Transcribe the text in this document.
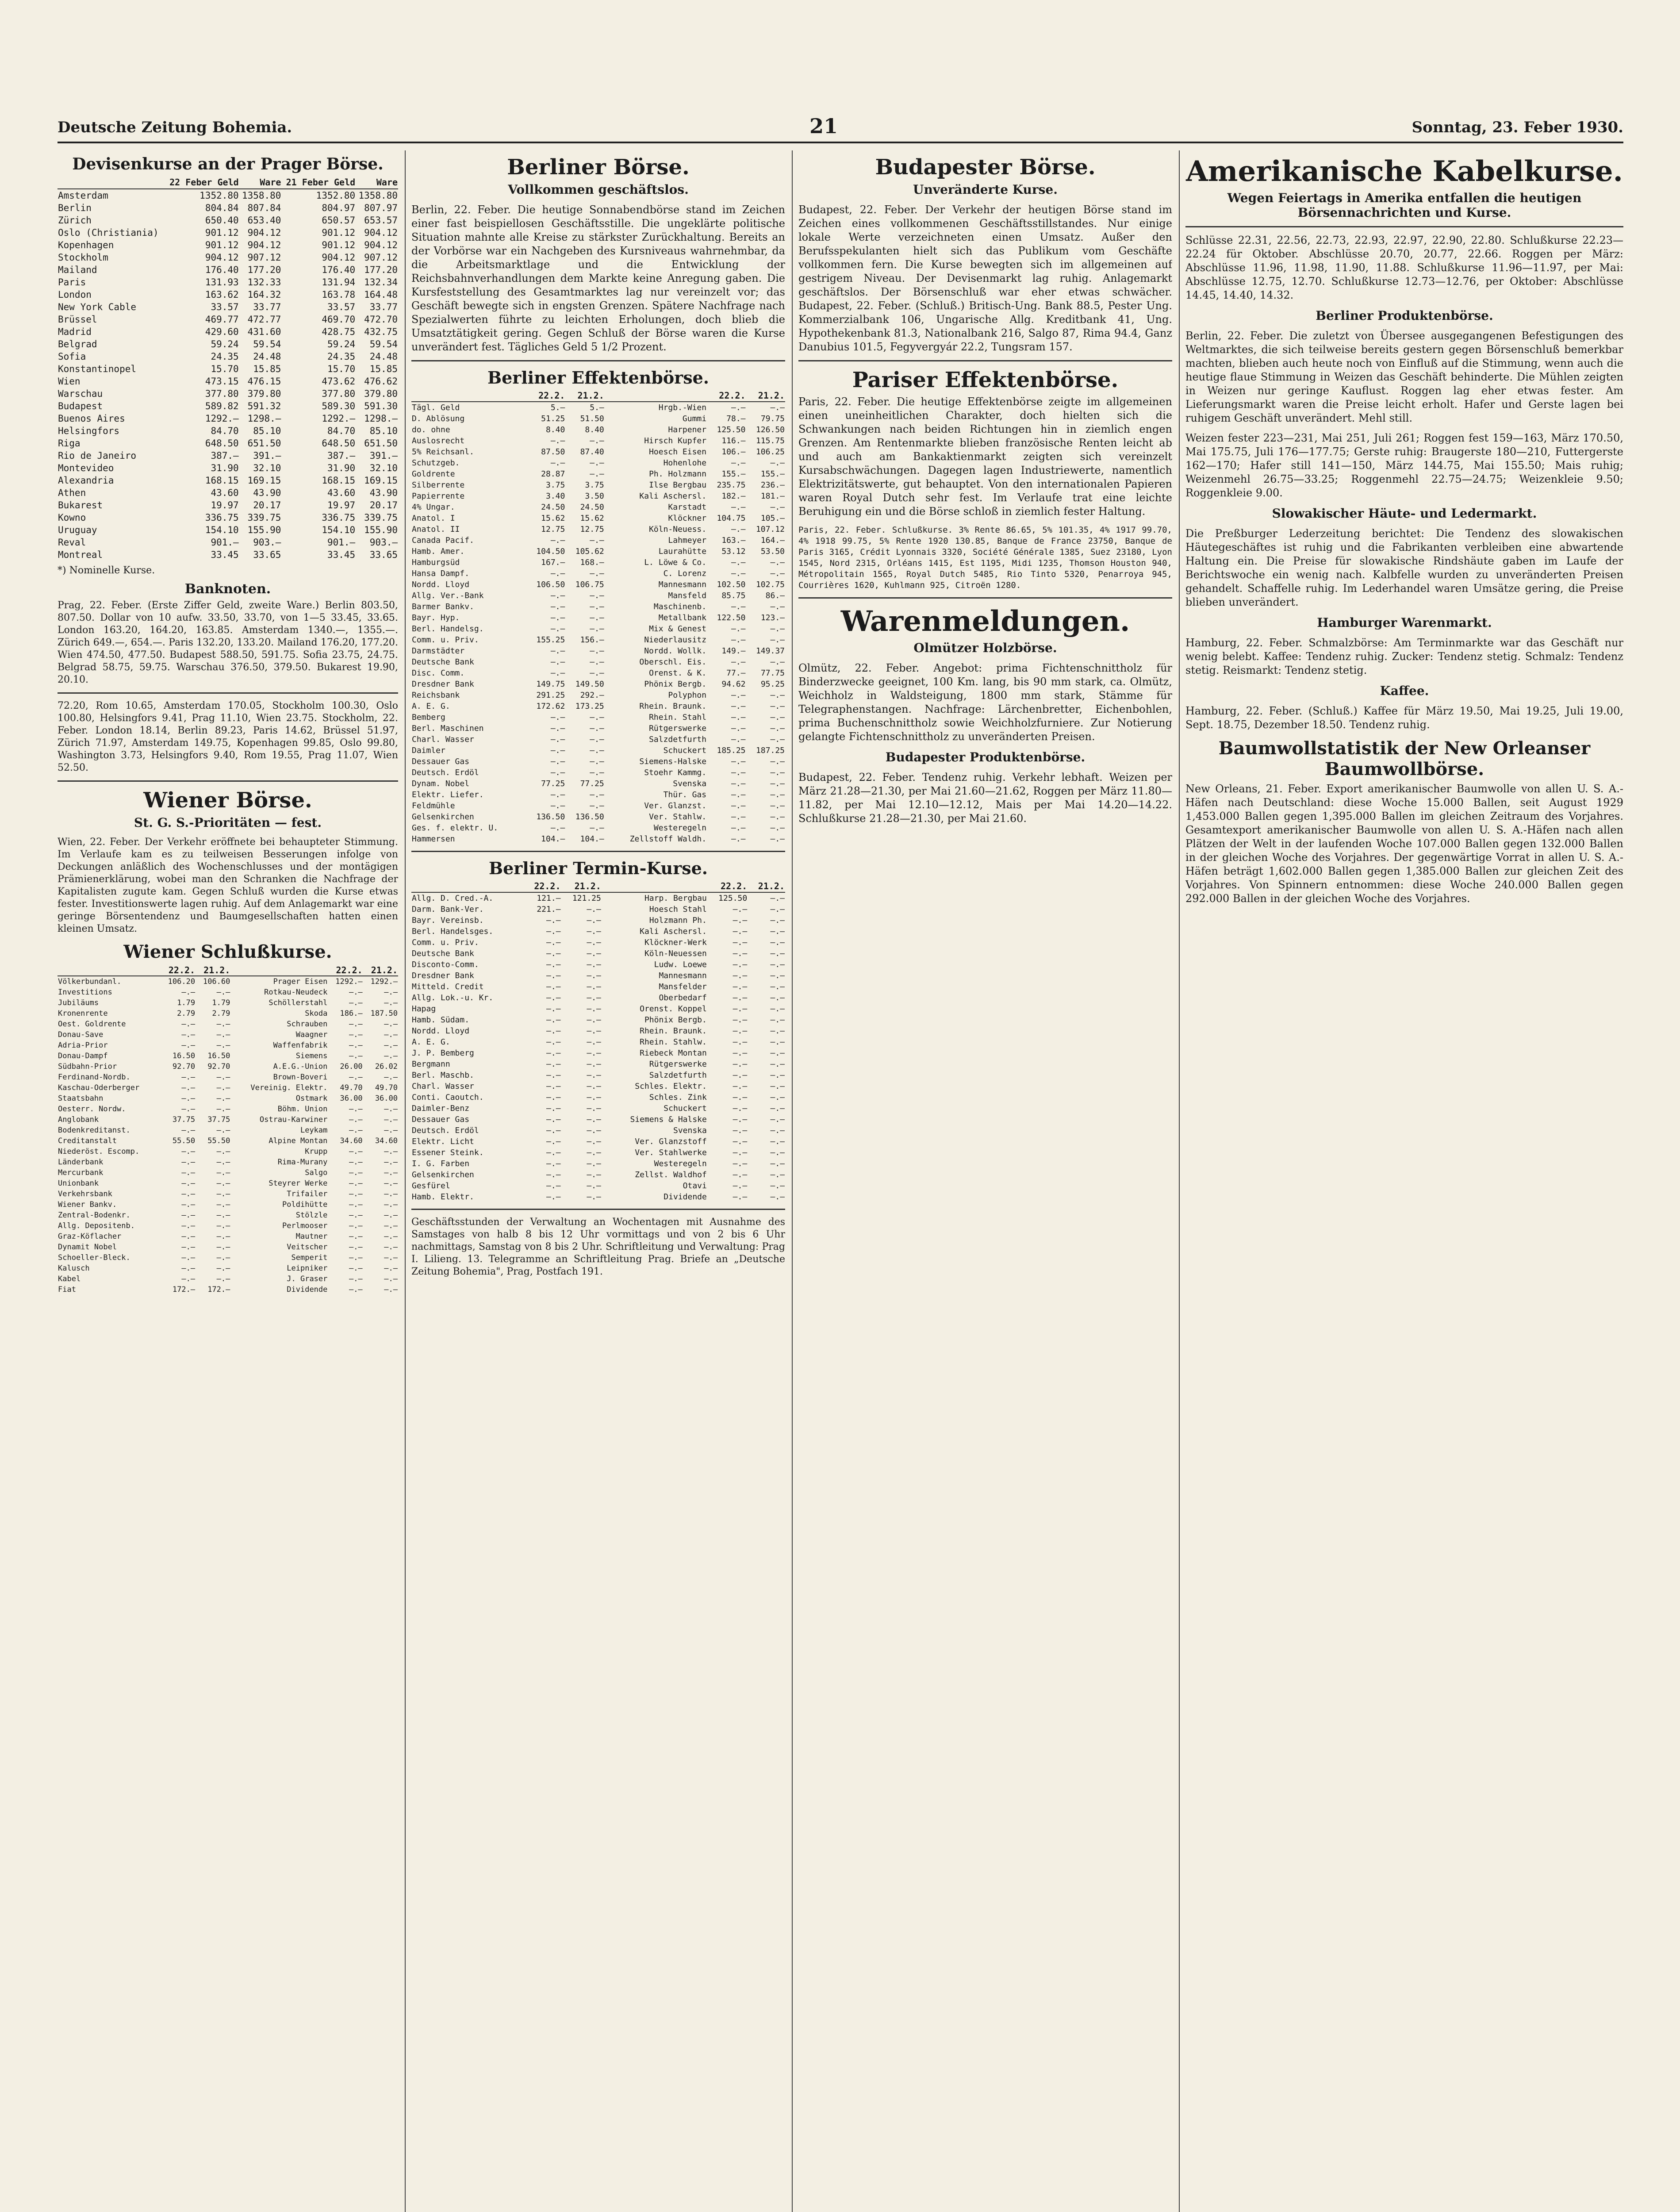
Deutsche Zeitung Bohemia.	21	Sonntag, 23. Feber 1930.
Devisenkurse an der Prager Börse.
	22 Feber Geld	Ware	21 Feber Geld	Ware
Amsterdam	1352.80	1358.80	1352.80	1358.80
Berlin	804.84	807.84	804.97	807.97
Zürich	650.40	653.40	650.57	653.57
Oslo (Christiania)	901.12	904.12	901.12	904.12
Kopenhagen	901.12	904.12	901.12	904.12
Stockholm	904.12	907.12	904.12	907.12
Mailand	176.40	177.20	176.40	177.20
Paris	131.93	132.33	131.94	132.34
London	163.62	164.32	163.78	164.48
New York Cable	33.57	33.77	33.57	33.77
Brüssel	469.77	472.77	469.70	472.70
Madrid	429.60	431.60	428.75	432.75
Belgrad	59.24	59.54	59.24	59.54
Sofia	24.35	24.48	24.35	24.48
Konstantinopel	15.70	15.85	15.70	15.85
Wien	473.15	476.15	473.62	476.62
Warschau	377.80	379.80	377.80	379.80
Budapest	589.82	591.32	589.30	591.30
Buenos Aires	1292.—	1298.—	1292.—	1298.—
Helsingfors	84.70	85.10	84.70	85.10
Riga	648.50	651.50	648.50	651.50
Rio de Janeiro	387.—	391.—	387.—	391.—
Montevideo	31.90	32.10	31.90	32.10
Alexandria	168.15	169.15	168.15	169.15
Athen	43.60	43.90	43.60	43.90
Bukarest	19.97	20.17	19.97	20.17
Kowno	336.75	339.75	336.75	339.75
Uruguay	154.10	155.90	154.10	155.90
Reval	901.—	903.—	901.—	903.—
Montreal	33.45	33.65	33.45	33.65
*) Nominelle Kurse.
Banknoten.
Prag, 22. Feber. (Erste Ziffer Geld, zweite Ware.) Berlin 803.50, 807.50. Dollar von 10 aufw. 33.50, 33.70, von 1—5 33.45, 33.65. London 163.20, 164.20, 163.85. Amsterdam 1340.—, 1355.—. Zürich 649.—, 654.—. Paris 132.20, 133.20. Mailand 176.20, 177.20. Wien 474.50, 477.50. Budapest 588.50, 591.75. Sofia 23.75, 24.75. Belgrad 58.75, 59.75. Warschau 376.50, 379.50. Bukarest 19.90, 20.10.
72.20, Rom 10.65, Amsterdam 170.05, Stockholm 100.30, Oslo 100.80, Helsingfors 9.41, Prag 11.10, Wien 23.75. Stockholm, 22. Feber. London 18.14, Berlin 89.23, Paris 14.62, Brüssel 51.97, Zürich 71.97, Amsterdam 149.75, Kopenhagen 99.85, Oslo 99.80, Washington 3.73, Helsingfors 9.40, Rom 19.55, Prag 11.07, Wien 52.50.
Wiener Börse.
St. G. S.-Prioritäten — fest.
Wien, 22. Feber. Der Verkehr eröffnete bei behaupteter Stimmung. Im Verlaufe kam es zu teilweisen Besserungen infolge von Deckungen anläßlich des Wochenschlusses und der montägigen Prämienerklärung, wobei man den Schranken die Nachfrage der Kapitalisten zugute kam. Gegen Schluß wurden die Kurse etwas fester. Investitionswerte lagen ruhig. Auf dem Anlagemarkt war eine geringe Börsentendenz und Baumgesellschaften hatten einen kleinen Umsatz.
Wiener Schlußkurse.
	22.2.	21.2.		22.2.	21.2.
Völkerbundanl.	106.20	106.60	Prager Eisen	1292.—	1292.—
Investitions	—.—	—.—	Rotkau-Neudeck	—.—	—.—
Jubiläums	1.79	1.79	Schöllerstahl	—.—	—.—
Kronenrente	2.79	2.79	Skoda	186.—	187.50
Oest. Goldrente	—.—	—.—	Schrauben	—.—	—.—
Donau-Save	—.—	—.—	Waagner	—.—	—.—
Adria-Prior	—.—	—.—	Waffenfabrik	—.—	—.—
Donau-Dampf	16.50	16.50	Siemens	—.—	—.—
Südbahn-Prior	92.70	92.70	A.E.G.-Union	26.00	26.02
Ferdinand-Nordb.	—.—	—.—	Brown-Boveri	—.—	—.—
Kaschau-Oderberger	—.—	—.—	Vereinig. Elektr.	49.70	49.70
Staatsbahn	—.—	—.—	Ostmark	36.00	36.00
Oesterr. Nordw.	—.—	—.—	Böhm. Union	—.—	—.—
Anglobank	37.75	37.75	Ostrau-Karwiner	—.—	—.—
Bodenkreditanst.	—.—	—.—	Leykam	—.—	—.—
Creditanstalt	55.50	55.50	Alpine Montan	34.60	34.60
Niederöst. Escomp.	—.—	—.—	Krupp	—.—	—.—
Länderbank	—.—	—.—	Rima-Murany	—.—	—.—
Mercurbank	—.—	—.—	Salgo	—.—	—.—
Unionbank	—.—	—.—	Steyrer Werke	—.—	—.—
Verkehrsbank	—.—	—.—	Trifailer	—.—	—.—
Wiener Bankv.	—.—	—.—	Poldihütte	—.—	—.—
Zentral-Bodenkr.	—.—	—.—	Stölzle	—.—	—.—
Allg. Depositenb.	—.—	—.—	Perlmooser	—.—	—.—
Graz-Köflacher	—.—	—.—	Mautner	—.—	—.—
Dynamit Nobel	—.—	—.—	Veitscher	—.—	—.—
Schoeller-Bleck.	—.—	—.—	Semperit	—.—	—.—
Kalusch	—.—	—.—	Leipniker	—.—	—.—
Kabel	—.—	—.—	J. Graser	—.—	—.—
Fiat	172.—	172.—	Dividende	—.—	—.—
Berliner Börse.
Vollkommen geschäftslos.
Berlin, 22. Feber. Die heutige Sonnabendbörse stand im Zeichen einer fast beispiellosen Geschäftsstille. Die ungeklärte politische Situation mahnte alle Kreise zu stärkster Zurückhaltung. Bereits an der Vorbörse war ein Nachgeben des Kursniveaus wahrnehmbar, da die Arbeitsmarktlage und die Entwicklung der Reichsbahnverhandlungen dem Markte keine Anregung gaben. Die Kursfeststellung des Gesamtmarktes lag nur vereinzelt vor; das Geschäft bewegte sich in engsten Grenzen. Spätere Nachfrage nach Spezialwerten führte zu leichten Erholungen, doch blieb die Umsatztätigkeit gering. Gegen Schluß der Börse waren die Kurse unverändert fest. Tägliches Geld 5 1/2 Prozent.
Berliner Effektenbörse.
	22.2.	21.2.		22.2.	21.2.
Tägl. Geld	5.—	5.—	Hrgb.-Wien	—.—	—.—
D. Ablösung	51.25	51.50	Gummi	78.—	79.75
do. ohne	8.40	8.40	Harpener	125.50	126.50
Auslosrecht	—.—	—.—	Hirsch Kupfer	116.—	115.75
5% Reichsanl.	87.50	87.40	Hoesch Eisen	106.—	106.25
Schutzgeb.	—.—	—.—	Hohenlohe	—.—	—.—
Goldrente	28.87	—.—	Ph. Holzmann	155.—	155.—
Silberrente	3.75	3.75	Ilse Bergbau	235.75	236.—
Papierrente	3.40	3.50	Kali Aschersl.	182.—	181.—
4% Ungar.	24.50	24.50	Karstadt	—.—	—.—
Anatol. I	15.62	15.62	Klöckner	104.75	105.—
Anatol. II	12.75	12.75	Köln-Neuess.	—.—	107.12
Canada Pacif.	—.—	—.—	Lahmeyer	163.—	164.—
Hamb. Amer.	104.50	105.62	Laurahütte	53.12	53.50
Hamburgsüd	167.—	168.—	L. Löwe & Co.	—.—	—.—
Hansa Dampf.	—.—	—.—	C. Lorenz	—.—	—.—
Nordd. Lloyd	106.50	106.75	Mannesmann	102.50	102.75
Allg. Ver.-Bank	—.—	—.—	Mansfeld	85.75	86.—
Barmer Bankv.	—.—	—.—	Maschinenb.	—.—	—.—
Bayr. Hyp.	—.—	—.—	Metallbank	122.50	123.—
Berl. Handelsg.	—.—	—.—	Mix & Genest	—.—	—.—
Comm. u. Priv.	155.25	156.—	Niederlausitz	—.—	—.—
Darmstädter	—.—	—.—	Nordd. Wollk.	149.—	149.37
Deutsche Bank	—.—	—.—	Oberschl. Eis.	—.—	—.—
Disc. Comm.	—.—	—.—	Orenst. & K.	77.—	77.75
Dresdner Bank	149.75	149.50	Phönix Bergb.	94.62	95.25
Reichsbank	291.25	292.—	Polyphon	—.—	—.—
A. E. G.	172.62	173.25	Rhein. Braunk.	—.—	—.—
Bemberg	—.—	—.—	Rhein. Stahl	—.—	—.—
Berl. Maschinen	—.—	—.—	Rütgerswerke	—.—	—.—
Charl. Wasser	—.—	—.—	Salzdetfurth	—.—	—.—
Daimler	—.—	—.—	Schuckert	185.25	187.25
Dessauer Gas	—.—	—.—	Siemens-Halske	—.—	—.—
Deutsch. Erdöl	—.—	—.—	Stoehr Kammg.	—.—	—.—
Dynam. Nobel	77.25	77.25	Svenska	—.—	—.—
Elektr. Liefer.	—.—	—.—	Thür. Gas	—.—	—.—
Feldmühle	—.—	—.—	Ver. Glanzst.	—.—	—.—
Gelsenkirchen	136.50	136.50	Ver. Stahlw.	—.—	—.—
Ges. f. elektr. U.	—.—	—.—	Westeregeln	—.—	—.—
Hammersen	104.—	104.—	Zellstoff Waldh.	—.—	—.—
Berliner Termin-Kurse.
	22.2.	21.2.		22.2.	21.2.
Allg. D. Cred.-A.	121.—	121.25	Harp. Bergbau	125.50	—.—
Darm. Bank-Ver.	221.—	—.—	Hoesch Stahl	—.—	—.—
Bayr. Vereinsb.	—.—	—.—	Holzmann Ph.	—.—	—.—
Berl. Handelsges.	—.—	—.—	Kali Aschersl.	—.—	—.—
Comm. u. Priv.	—.—	—.—	Klöckner-Werk	—.—	—.—
Deutsche Bank	—.—	—.—	Köln-Neuessen	—.—	—.—
Disconto-Comm.	—.—	—.—	Ludw. Loewe	—.—	—.—
Dresdner Bank	—.—	—.—	Mannesmann	—.—	—.—
Mitteld. Credit	—.—	—.—	Mansfelder	—.—	—.—
Allg. Lok.-u. Kr.	—.—	—.—	Oberbedarf	—.—	—.—
Hapag	—.—	—.—	Orenst. Koppel	—.—	—.—
Hamb. Südam.	—.—	—.—	Phönix Bergb.	—.—	—.—
Nordd. Lloyd	—.—	—.—	Rhein. Braunk.	—.—	—.—
A. E. G.	—.—	—.—	Rhein. Stahlw.	—.—	—.—
J. P. Bemberg	—.—	—.—	Riebeck Montan	—.—	—.—
Bergmann	—.—	—.—	Rütgerswerke	—.—	—.—
Berl. Maschb.	—.—	—.—	Salzdetfurth	—.—	—.—
Charl. Wasser	—.—	—.—	Schles. Elektr.	—.—	—.—
Conti. Caoutch.	—.—	—.—	Schles. Zink	—.—	—.—
Daimler-Benz	—.—	—.—	Schuckert	—.—	—.—
Dessauer Gas	—.—	—.—	Siemens & Halske	—.—	—.—
Deutsch. Erdöl	—.—	—.—	Svenska	—.—	—.—
Elektr. Licht	—.—	—.—	Ver. Glanzstoff	—.—	—.—
Essener Steink.	—.—	—.—	Ver. Stahlwerke	—.—	—.—
I. G. Farben	—.—	—.—	Westeregeln	—.—	—.—
Gelsenkirchen	—.—	—.—	Zellst. Waldhof	—.—	—.—
Gesfürel	—.—	—.—	Otavi	—.—	—.—
Hamb. Elektr.	—.—	—.—	Dividende	—.—	—.—
Geschäftsstunden der Verwaltung an Wochentagen mit Ausnahme des Samstages von halb 8 bis 12 Uhr vormittags und von 2 bis 6 Uhr nachmittags, Samstag von 8 bis 2 Uhr. Schriftleitung und Verwaltung: Prag I. Lilieng. 13. Telegramme an Schriftleitung Prag. Briefe an „Deutsche Zeitung Bohemia", Prag, Postfach 191.
Budapester Börse.
Unveränderte Kurse.
Budapest, 22. Feber. Der Verkehr der heutigen Börse stand im Zeichen eines vollkommenen Geschäftsstillstandes. Nur einige lokale Werte verzeichneten einen Umsatz. Außer den Berufsspekulanten hielt sich das Publikum vom Geschäfte vollkommen fern. Die Kurse bewegten sich im allgemeinen auf gestrigem Niveau. Der Devisenmarkt lag ruhig. Anlagemarkt geschäftslos. Der Börsenschluß war eher etwas schwächer. Budapest, 22. Feber. (Schluß.) Britisch-Ung. Bank 88.5, Pester Ung. Kommerzialbank 106, Ungarische Allg. Kreditbank 41, Ung. Hypothekenbank 81.3, Nationalbank 216, Salgo 87, Rima 94.4, Ganz Danubius 101.5, Fegyvergyár 22.2, Tungsram 157.
Pariser Effektenbörse.
Paris, 22. Feber. Die heutige Effektenbörse zeigte im allgemeinen einen uneinheitlichen Charakter, doch hielten sich die Schwankungen nach beiden Richtungen hin in ziemlich engen Grenzen. Am Rentenmarkte blieben französische Renten leicht ab und auch am Bankaktienmarkt zeigten sich vereinzelt Kursabschwächungen. Dagegen lagen Industriewerte, namentlich Elektrizitätswerte, gut behauptet. Von den internationalen Papieren waren Royal Dutch sehr fest. Im Verlaufe trat eine leichte Beruhigung ein und die Börse schloß in ziemlich fester Haltung.
Paris, 22. Feber. Schlußkurse. 3% Rente 86.65, 5% 101.35, 4% 1917 99.70, 4% 1918 99.75, 5% Rente 1920 130.85, Banque de France 23750, Banque de Paris 3165, Crédit Lyonnais 3320, Société Générale 1385, Suez 23180, Lyon 1545, Nord 2315, Orléans 1415, Est 1195, Midi 1235, Thomson Houston 940, Métropolitain 1565, Royal Dutch 5485, Rio Tinto 5320, Penarroya 945, Courrières 1620, Kuhlmann 925, Citroën 1280.
Warenmeldungen.
Olmützer Holzbörse.
Olmütz, 22. Feber. Angebot: prima Fichtenschnittholz für Binderzwecke geeignet, 100 Km. lang, bis 90 mm stark, ca. Olmütz, Weichholz in Waldsteigung, 1800 mm stark, Stämme für Telegraphenstangen. Nachfrage: Lärchenbretter, Eichenbohlen, prima Buchenschnittholz sowie Weichholzfurniere. Zur Notierung gelangte Fichtenschnittholz zu unveränderten Preisen.
Budapester Produktenbörse.
Budapest, 22. Feber. Tendenz ruhig. Verkehr lebhaft. Weizen per März 21.28—21.30, per Mai 21.60—21.62, Roggen per März 11.80—11.82, per Mai 12.10—12.12, Mais per Mai 14.20—14.22. Schlußkurse 21.28—21.30, per Mai 21.60.
Amerikanische Kabelkurse.
Wegen Feiertags in Amerika entfallen die heutigen Börsennachrichten und Kurse.
Schlüsse 22.31, 22.56, 22.73, 22.93, 22.97, 22.90, 22.80. Schlußkurse 22.23—22.24 für Oktober. Abschlüsse 20.70, 20.77, 22.66. Roggen per März: Abschlüsse 11.96, 11.98, 11.90, 11.88. Schlußkurse 11.96—11.97, per Mai: Abschlüsse 12.75, 12.70. Schlußkurse 12.73—12.76, per Oktober: Abschlüsse 14.45, 14.40, 14.32.
Berliner Produktenbörse.
Berlin, 22. Feber. Die zuletzt von Übersee ausgegangenen Befestigungen des Weltmarktes, die sich teilweise bereits gestern gegen Börsenschluß bemerkbar machten, blieben auch heute noch von Einfluß auf die Stimmung, wenn auch die heutige flaue Stimmung in Weizen das Geschäft behinderte. Die Mühlen zeigten in Weizen nur geringe Kauflust. Roggen lag eher etwas fester. Am Lieferungsmarkt waren die Preise leicht erholt. Hafer und Gerste lagen bei ruhigem Geschäft unverändert. Mehl still.
Weizen fester 223—231, Mai 251, Juli 261; Roggen fest 159—163, März 170.50, Mai 175.75, Juli 176—177.75; Gerste ruhig: Braugerste 180—210, Futtergerste 162—170; Hafer still 141—150, März 144.75, Mai 155.50; Mais ruhig; Weizenmehl 26.75—33.25; Roggenmehl 22.75—24.75; Weizenkleie 9.50; Roggenkleie 9.00.
Slowakischer Häute- und Ledermarkt.
Die Preßburger Lederzeitung berichtet: Die Tendenz des slowakischen Häutegeschäftes ist ruhig und die Fabrikanten verbleiben eine abwartende Haltung ein. Die Preise für slowakische Rindshäute gaben im Laufe der Berichtswoche ein wenig nach. Kalbfelle wurden zu unveränderten Preisen gehandelt. Schaffelle ruhig. Im Lederhandel waren Umsätze gering, die Preise blieben unverändert.
Hamburger Warenmarkt.
Hamburg, 22. Feber. Schmalzbörse: Am Terminmarkte war das Geschäft nur wenig belebt. Kaffee: Tendenz ruhig. Zucker: Tendenz stetig. Schmalz: Tendenz stetig. Reismarkt: Tendenz stetig.
Kaffee.
Hamburg, 22. Feber. (Schluß.) Kaffee für März 19.50, Mai 19.25, Juli 19.00, Sept. 18.75, Dezember 18.50. Tendenz ruhig.
Baumwollstatistik der New Orleanser Baumwollbörse.
New Orleans, 21. Feber. Export amerikanischer Baumwolle von allen U. S. A.-Häfen nach Deutschland: diese Woche 15.000 Ballen, seit August 1929 1,453.000 Ballen gegen 1,395.000 Ballen im gleichen Zeitraum des Vorjahres. Gesamtexport amerikanischer Baumwolle von allen U. S. A.-Häfen nach allen Plätzen der Welt in der laufenden Woche 107.000 Ballen gegen 132.000 Ballen in der gleichen Woche des Vorjahres. Der gegenwärtige Vorrat in allen U. S. A.-Häfen beträgt 1,602.000 Ballen gegen 1,385.000 Ballen zur gleichen Zeit des Vorjahres. Von Spinnern entnommen: diese Woche 240.000 Ballen gegen 292.000 Ballen in der gleichen Woche des Vorjahres.
